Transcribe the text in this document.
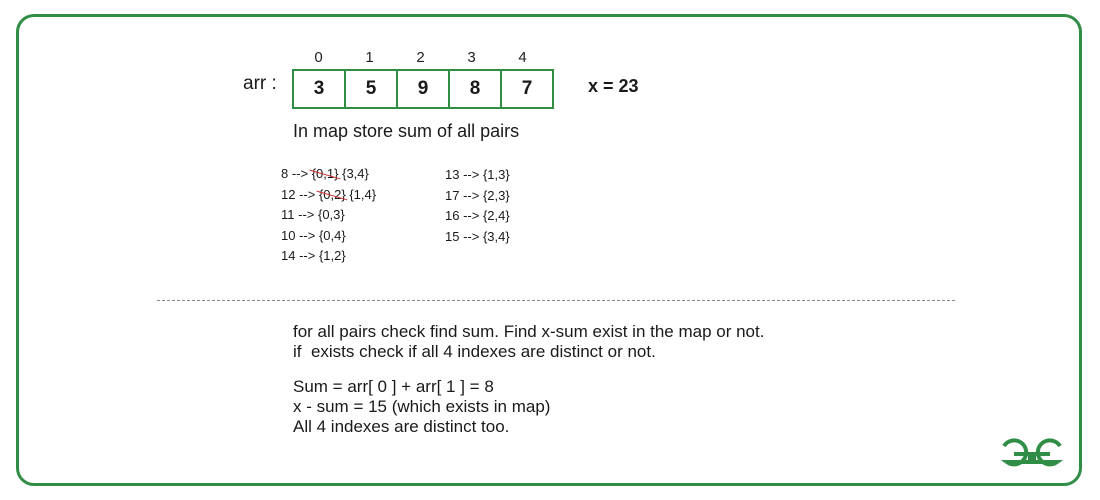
arr :
0	1	2	3	4
3	5	9	8	7	x = 23
In map store sum of all pairs
8 --> {0,1} {3,4}
12 --> {0,2} {1,4}
11 --> {0,3}
10 --> {0,4}
14 --> {1,2}
13 --> {1,3}
17 --> {2,3}
16 --> {2,4}
15 --> {3,4}
for all pairs check find sum. Find x-sum exist in the map or not.
if  exists check if all 4 indexes are distinct or not.
Sum = arr[ 0 ] + arr[ 1 ] = 8
x - sum = 15 (which exists in map)
All 4 indexes are distinct too.
